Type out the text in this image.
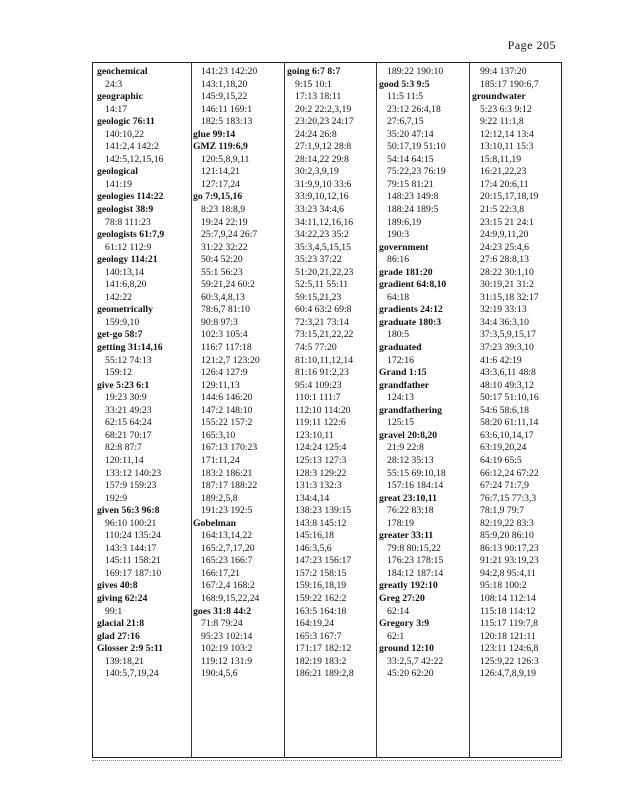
Page 205
geochemical
24:3
geographic
14:17
geologic 76:11
140:10,22
141:2,4 142:2
142:5,12,15,16
geological
141:19
geologies 114:22
geologist 38:9
78:8 111:23
geologists 61:7,9
61:12 112:9
geology 114:21
140:13,14
141:6,8,20
142:22
geometrically
159:9,10
get-go 58:7
getting 31:14,16
55:12 74:13
159:12
give 5:23 6:1
19:23 30:9
33:21 49:23
62:15 64:24
68:21 70:17
82:8 87:7
120:11,14
133:12 140:23
157:9 159:23
192:9
given 56:3 96:8
96:10 100:21
110:24 135:24
143:3 144:17
145:11 158:21
169:17 187:10
gives 40:8
giving 62:24
99:1
glacial 21:8
glad 27:16
Glosser 2:9 5:11
139:18,21
140:5,7,19,24
141:23 142:20
143:1,18,20
145:9,15,22
146:11 169:1
182:5 183:13
glue 99:14
GMZ 119:6,9
120:5,8,9,11
121:14,21
127:17,24
go 7:9,15,16
8:23 18:8,9
19:24 22:19
25:7,9,24 26:7
31:22 32:22
50:4 52:20
55:1 56:23
59:21,24 60:2
60:3,4,8,13
78:6,7 81:10
90:8 97:3
102:3 105:4
116:7 117:18
121:2,7 123:20
126:4 127:9
129:11,13
144:6 146:20
147:2 148:10
155:22 157:2
165:3,10
167:13 170:23
171:11,24
183:2 186:21
187:17 188:22
189:2,5,8
191:23 192:5
Gobelman
164:13,14,22
165:2,7,17,20
165:23 166:7
166:17,21
167:2,4 168:2
168:9,15,22,24
goes 31:8 44:2
71:8 79:24
95:23 102:14
102:19 103:2
119:12 131:9
190:4,5,6
going 6:7 8:7
9:15 10:1
17:13 18:11
20:2 22:2,3,19
23:20,23 24:17
24:24 26:8
27:1,9,12 28:8
28:14,22 29:8
30:2,3,9,19
31:9,9,10 33:6
33:9,10,12,16
33:23 34:4,6
34:11,12,16,16
34:22,23 35:2
35:3,4,5,15,15
35:23 37:22
51:20,21,22,23
52:5,11 55:11
59:15,21,23
60:4 63:2 69:8
72:3,21 73:14
73:15,21,22,22
74:5 77:20
81:10,11,12,14
81:16 91:2,23
95:4 109:23
110:1 111:7
112:10 114:20
119:11 122:6
123:10,11
124:24 125:4
125:13 127:3
128:3 129:22
131:3 132:3
134:4,14
138:23 139:15
143:8 145:12
145:16,18
146:3,5,6
147:23 156:17
157:2 158:15
159:16,18,19
159:22 162:2
163:5 164:18
164:19,24
165:3 167:7
171:17 182:12
182:19 183:2
186:21 189:2,8
189:22 190:10
good 5:3 9:5
11:5 11:5
23:12 26:4,18
27:6,7,15
35:20 47:14
50:17,19 51:10
54:14 64:15
75:22,23 76:19
79:15 81:21
148:23 149:8
188:24 189:5
189:6,19
190:3
government
86:16
grade 181:20
gradient 64:8,10
64:18
gradients 24:12
graduate 180:3
180:5
graduated
172:16
Grand 1:15
grandfather
124:13
grandfathering
125:15
gravel 20:8,20
21:9 22:8
28:12 35:13
55:15 69:10,18
157:16 184:14
great 23:10,11
76:22 83:18
178:19
greater 33:11
79:8 80:15,22
176:23 178:15
184:12 187:14
greatly 192:10
Greg 27:20
62:14
Gregory 3:9
62:1
ground 12:10
33:2,5,7 42:22
45:20 62:20
99:4 137:20
185:17 190:6,7
groundwater
5:23 6:3 9:12
9:22 11:1,8
12:12,14 13:4
13:10,11 15:3
15:8,11,19
16:21,22,23
17:4 20:6,11
20:15,17,18,19
21:5 22:3,8
23:15 21 24:1
24:9,9,11,20
24:23 25:4,6
27:6 28:8,13
28:22 30:1,10
30:19,21 31:2
31:15,18 32:17
32:19 33:13
34:4 36:3,10
37:3,5,9,15,17
37:23 39:3,10
41:6 42:19
43:3,6,11 48:8
48:10 49:3,12
50:17 51:10,16
54:6 58:6,18
58:20 61:11,14
63:6,10,14,17
63:19,20,24
64:19 65:5
66:12,24 67:22
67:24 71:7,9
76:7,15 77:3,3
78:1,9 79:7
82:19,22 83:3
85:9,20 86:10
86:13 90:17,23
91:21 93:19,23
94:2,8 95:4,11
95:18 100:2
108:14 112:14
115:18 114:12
115:17 119:7,8
120:18 121:11
123:11 124:6,8
125:9,22 126:3
126:4,7,8,9,19
